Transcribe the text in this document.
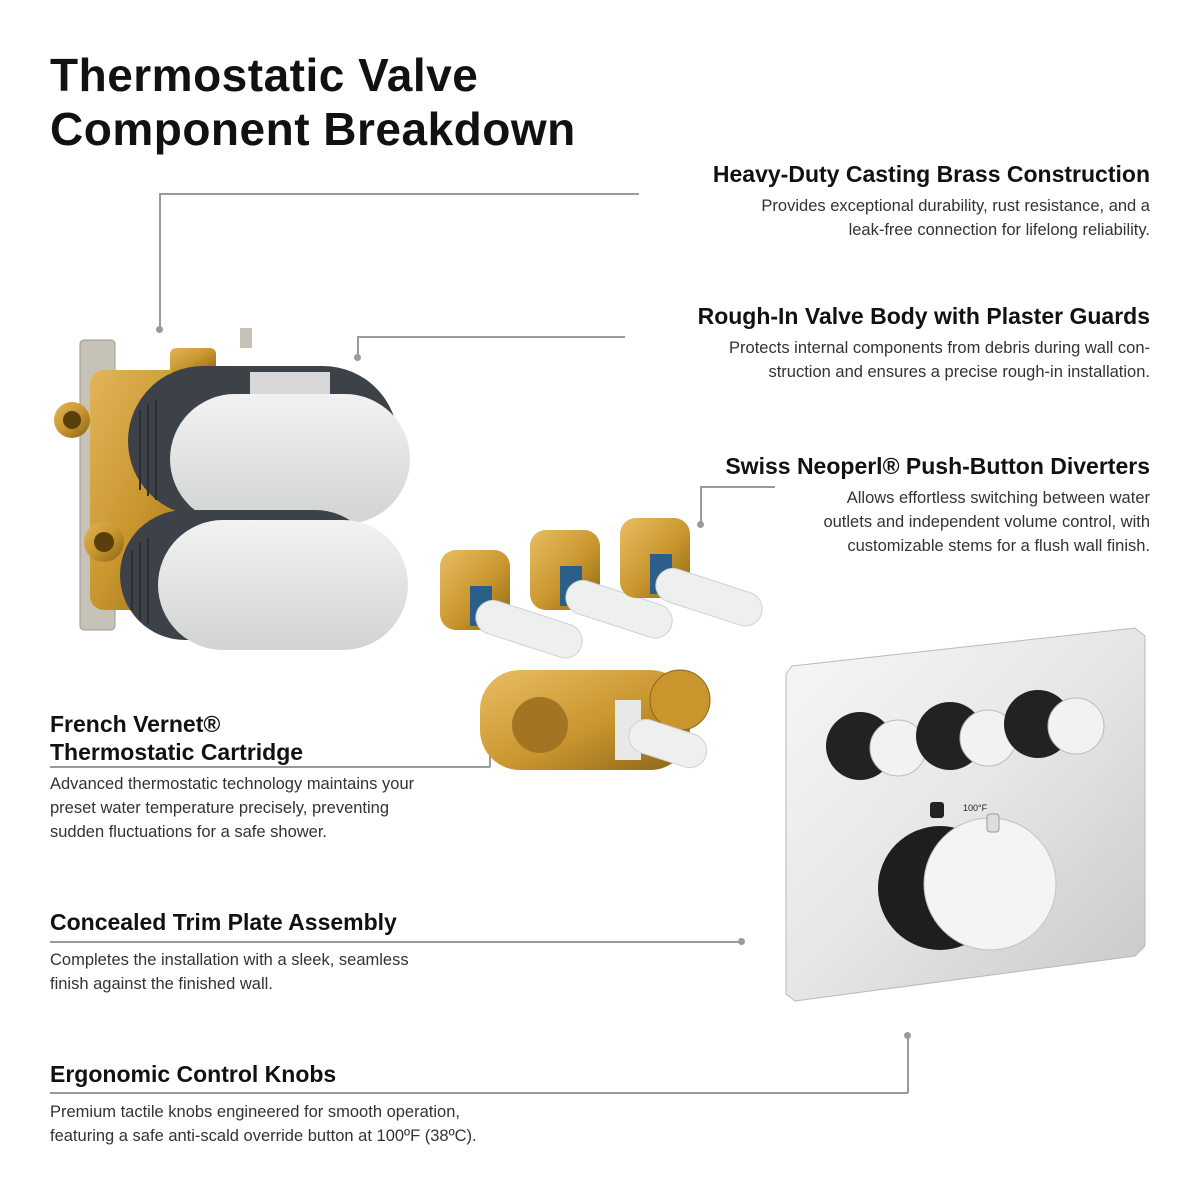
Thermostatic Valve
Component Breakdown
Heavy-Duty Casting Brass Construction

Provides exceptional durability, rust resistance, and a
leak-free connection for lifelong reliability.

Rough-In Valve Body with Plaster Guards

Protects internal components from debris during wall con-
struction and ensures a precise rough-in installation.

Swiss Neoperl® Push-Button Diverters

Allows effortless switching between water
outlets and independent volume control, with
customizable stems for a flush wall finish.

French Vernet®
Thermostatic Cartridge

Advanced thermostatic technology maintains your
preset water temperature precisely, preventing
sudden fluctuations for a safe shower.

Concealed Trim Plate Assembly

Completes the installation with a sleek, seamless
finish against the finished wall.

Ergonomic Control Knobs

Premium tactile knobs engineered for smooth operation,
featuring a safe anti-scald override button at 100ºF (38ºC).

100°F
